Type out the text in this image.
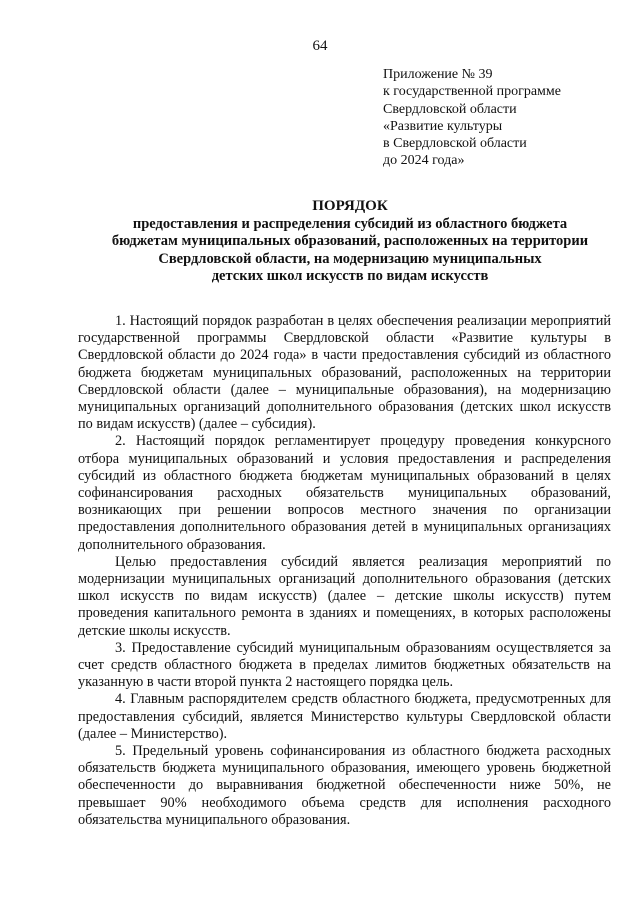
64
Приложение № 39
к государственной программе
Свердловской области
«Развитие культуры
в Свердловской области
до 2024 года»
ПОРЯДОК
предоставления и распределения субсидий из областного бюджета
бюджетам муниципальных образований, расположенных на территории
Свердловской области, на модернизацию муниципальных
детских школ искусств по видам искусств

1. Настоящий порядок разработан в целях обеспечения реализации мероприятий государственной программы Свердловской области «Развитие культуры в Свердловской области до 2024 года» в части предоставления субсидий из областного бюджета бюджетам муниципальных образований, расположенных на территории Свердловской области (далее – муниципальные образования), на модернизацию муниципальных организаций дополнительного образования (детских школ искусств по видам искусств) (далее – субсидия).

2. Настоящий порядок регламентирует процедуру проведения конкурсного отбора муниципальных образований и условия предоставления и распределения субсидий из областного бюджета бюджетам муниципальных образований в целях софинансирования расходных обязательств муниципальных образований, возникающих при решении вопросов местного значения по организации предоставления дополнительного образования детей в муниципальных организациях дополнительного образования.

Целью предоставления субсидий является реализация мероприятий по модернизации муниципальных организаций дополнительного образования (детских школ искусств по видам искусств) (далее – детские школы искусств) путем проведения капитального ремонта в зданиях и помещениях, в которых расположены детские школы искусств.

3. Предоставление субсидий муниципальным образованиям осуществляется за счет средств областного бюджета в пределах лимитов бюджетных обязательств на указанную в части второй пункта 2 настоящего порядка цель.

4. Главным распорядителем средств областного бюджета, предусмотренных для предоставления субсидий, является Министерство культуры Свердловской области (далее – Министерство).

5. Предельный уровень софинансирования из областного бюджета расходных обязательств бюджета муниципального образования, имеющего уровень бюджетной обеспеченности до выравнивания бюджетной обеспеченности ниже 50%, не превышает 90% необходимого объема средств для исполнения расходного обязательства муниципального образования.
